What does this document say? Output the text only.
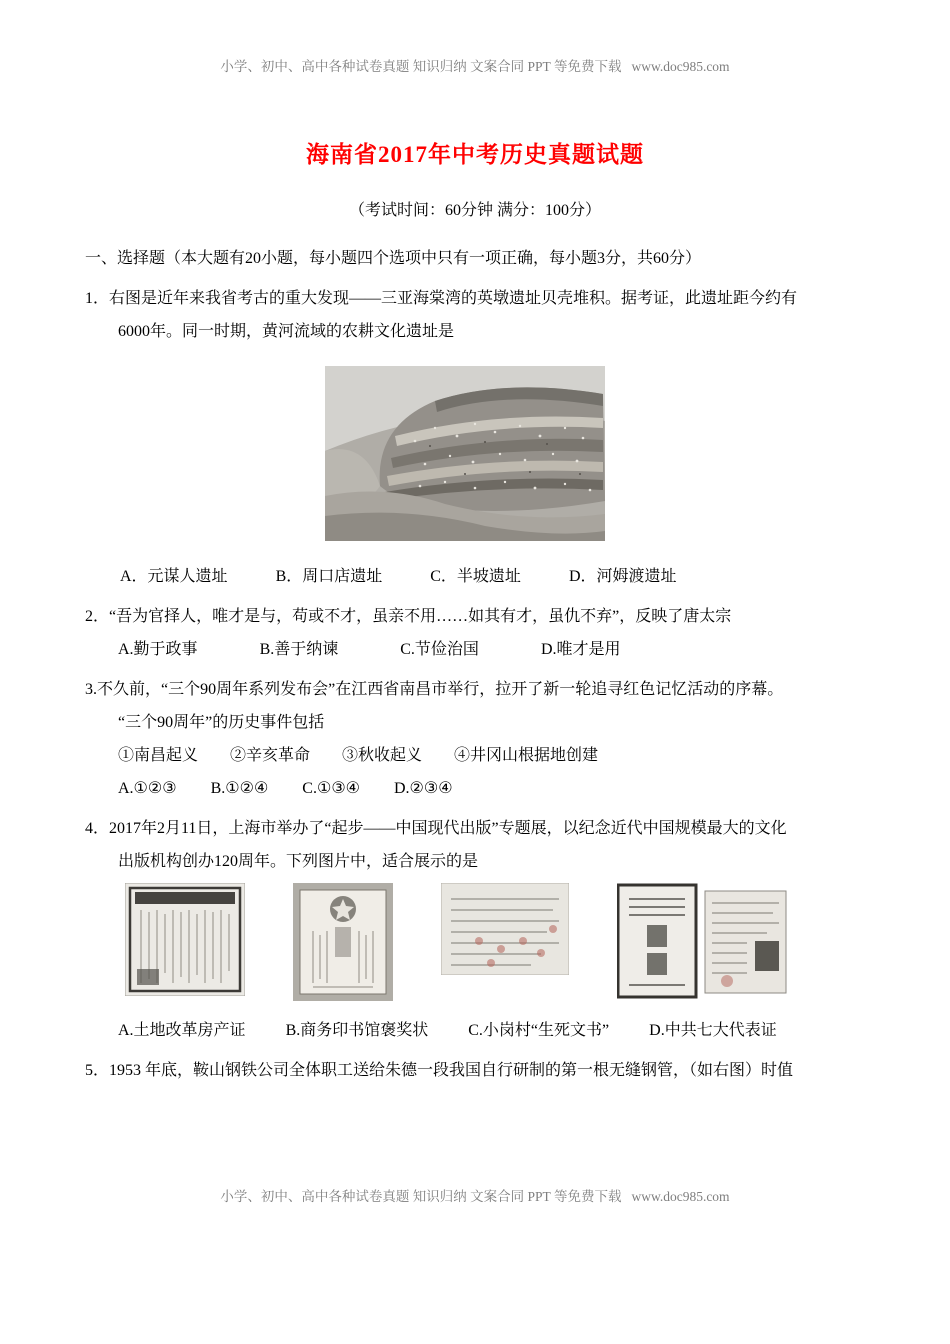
小学、初中、高中各种试卷真题 知识归纳 文案合同 PPT 等免费下载 www.doc985.com
海南省2017年中考历史真题试题
（考试时间：60分钟 满分：100分）
一、选择题（本大题有20小题，每小题四个选项中只有一项正确，每小题3分，共60分）
1．右图是近年来我省考古的重大发现——三亚海棠湾的英墩遗址贝壳堆积。据考证，此遗址距今约有
6000年。同一时期，黄河流域的农耕文化遗址是
A．元谋人遗址	B．周口店遗址	C．半坡遗址	D．河姆渡遗址
2．“吾为官择人，唯才是与，苟或不才，虽亲不用……如其有才，虽仇不弃”，反映了唐太宗
A.勤于政事	B.善于纳谏	C.节俭治国	D.唯才是用
3.不久前，“三个90周年系列发布会”在江西省南昌市举行，拉开了新一轮追寻红色记忆活动的序幕。
“三个90周年”的历史事件包括
①南昌起义 ②辛亥革命 ③秋收起义 ④井冈山根据地创建
A.①②③ B.①②④ C.①③④ D.②③④
4．2017年2月11日，上海市举办了“起步——中国现代出版”专题展，以纪念近代中国规模最大的文化
出版机构创办120周年。下列图片中，适合展示的是
A.土地改革房产证	B.商务印书馆褒奖状	C.小岗村“生死文书”	D.中共七大代表证
5．1953 年底，鞍山钢铁公司全体职工送给朱德一段我国自行研制的第一根无缝钢管，（如右图）时值
小学、初中、高中各种试卷真题 知识归纳 文案合同 PPT 等免费下载 www.doc985.com
